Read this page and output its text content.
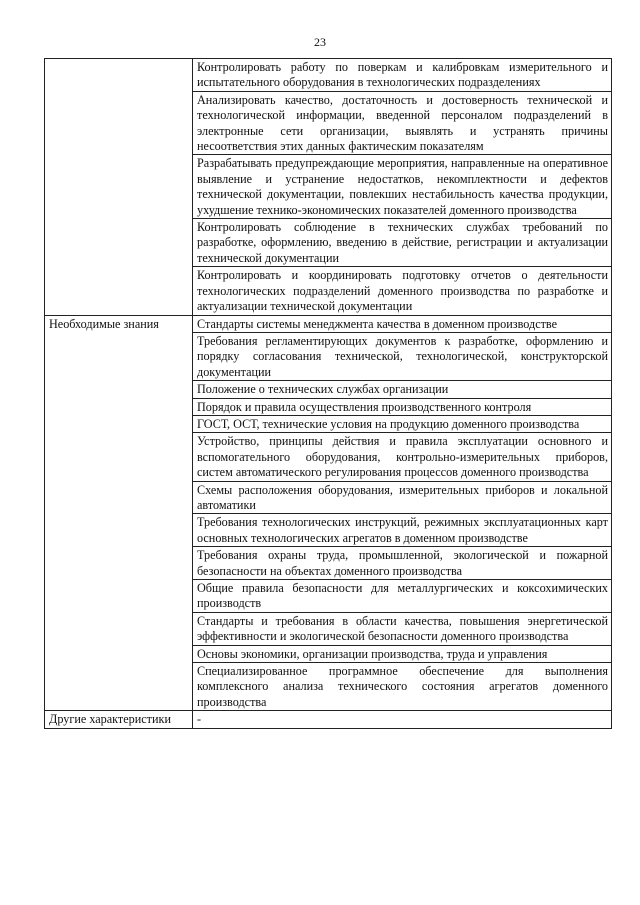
23
	Контролировать работу по поверкам и калибровкам измерительного и испытательного оборудования в технологических подразделениях
	Анализировать качество, достаточность и достоверность технической и технологической информации, введенной персоналом подразделений в электронные сети организации, выявлять и устранять причины несоответствия этих данных фактическим показателям
	Разрабатывать предупреждающие мероприятия, направленные на оперативное выявление и устранение недостатков, некомплектности и дефектов технической документации, повлекших нестабильность качества продукции, ухудшение технико-экономических показателей доменного производства
	Контролировать соблюдение в технических службах требований по разработке, оформлению, введению в действие, регистрации и актуализации технической документации
	Контролировать и координировать подготовку отчетов о деятельности технологических подразделений доменного производства по разработке и актуализации технической документации
Необходимые знания	Стандарты системы менеджмента качества в доменном производстве
	Требования регламентирующих документов к разработке, оформлению и порядку согласования технической, технологической, конструкторской документации
	Положение о технических службах организации
	Порядок и правила осуществления производственного контроля
	ГОСТ, ОСТ, технические условия на продукцию доменного производства
	Устройство, принципы действия и правила эксплуатации основного и вспомогательного оборудования, контрольно-измерительных приборов, систем автоматического регулирования процессов доменного производства
	Схемы расположения оборудования, измерительных приборов и локальной автоматики
	Требования технологических инструкций, режимных эксплуатационных карт основных технологических агрегатов в доменном производстве
	Требования охраны труда, промышленной, экологической и пожарной безопасности на объектах доменного производства
	Общие правила безопасности для металлургических и коксохимических производств
	Стандарты и требования в области качества, повышения энергетической эффективности и экологической безопасности доменного производства
	Основы экономики, организации производства, труда и управления
	Специализированное программное обеспечение для выполнения комплексного анализа технического состояния агрегатов доменного производства
Другие характеристики	-
